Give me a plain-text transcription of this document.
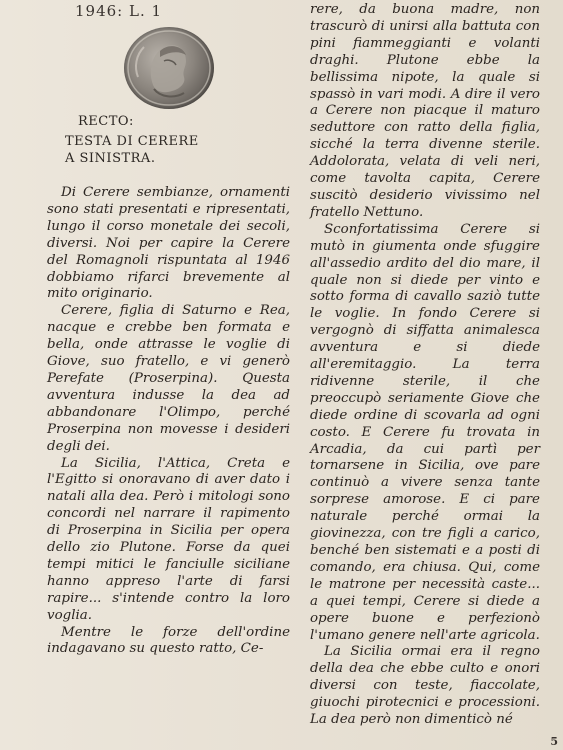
1946: L. 1
RECTO:
TESTA DI CERERE
A SINISTRA.

Di Cerere sembianze, ornamenti sono stati presentati e ripresentati, lungo il corso monetale dei secoli, diversi. Noi per capire la Cerere del Romagnoli rispuntata al 1946 dobbiamo rifarci brevemente al mito originario.

Cerere, figlia di Saturno e Rea, nacque e crebbe ben formata e bella, onde attrasse le voglie di Giove, suo fratello, e vi generò Perefate (Proserpina). Questa avventura indusse la dea ad abbandonare l'Olimpo, perché Proserpina non movesse i desideri degli dei.

La Sicilia, l'Attica, Creta e l'Egitto si onoravano di aver dato i natali alla dea. Però i mitologi sono concordi nel narrare il rapimento di Proserpina in Sicilia per opera dello zio Plutone. Forse da quei tempi mitici le fanciulle siciliane hanno appreso l'arte di farsi rapire... s'intende contro la loro voglia.

Mentre le forze dell'ordine indagavano su questo ratto, Ce-

rere, da buona madre, non trascurò di unirsi alla battuta con pini fiammeggianti e volanti draghi. Plutone ebbe la bellissima nipote, la quale si spassò in vari modi. A dire il vero a Cerere non piacque il maturo seduttore con ratto della figlia, sicché la terra divenne sterile. Addolorata, velata di veli neri, come tavolta capita, Cerere suscitò desiderio vivissimo nel fratello Nettuno.

Sconfortatissima Cerere si mutò in giumenta onde sfuggire all'assedio ardito del dio mare, il quale non si diede per vinto e sotto forma di cavallo saziò tutte le voglie. In fondo Cerere si vergognò di siffatta animalesca avventura e si diede all'eremitaggio. La terra ridivenne sterile, il che preoccupò seriamente Giove che diede ordine di scovarla ad ogni costo. E Cerere fu trovata in Arcadia, da cui partì per tornarsene in Sicilia, ove pare continuò a vivere senza tante sorprese amorose. E ci pare naturale perché ormai la giovinezza, con tre figli a carico, benché ben sistemati e a posti di comando, era chiusa. Qui, come le matrone per necessità caste... a quei tempi, Cerere si diede a opere buone e perfezionò l'umano genere nell'arte agricola.

La Sicilia ormai era il regno della dea che ebbe culto e onori diversi con teste, fiaccolate, giuochi pirotecnici e processioni. La dea però non dimenticò né

5
